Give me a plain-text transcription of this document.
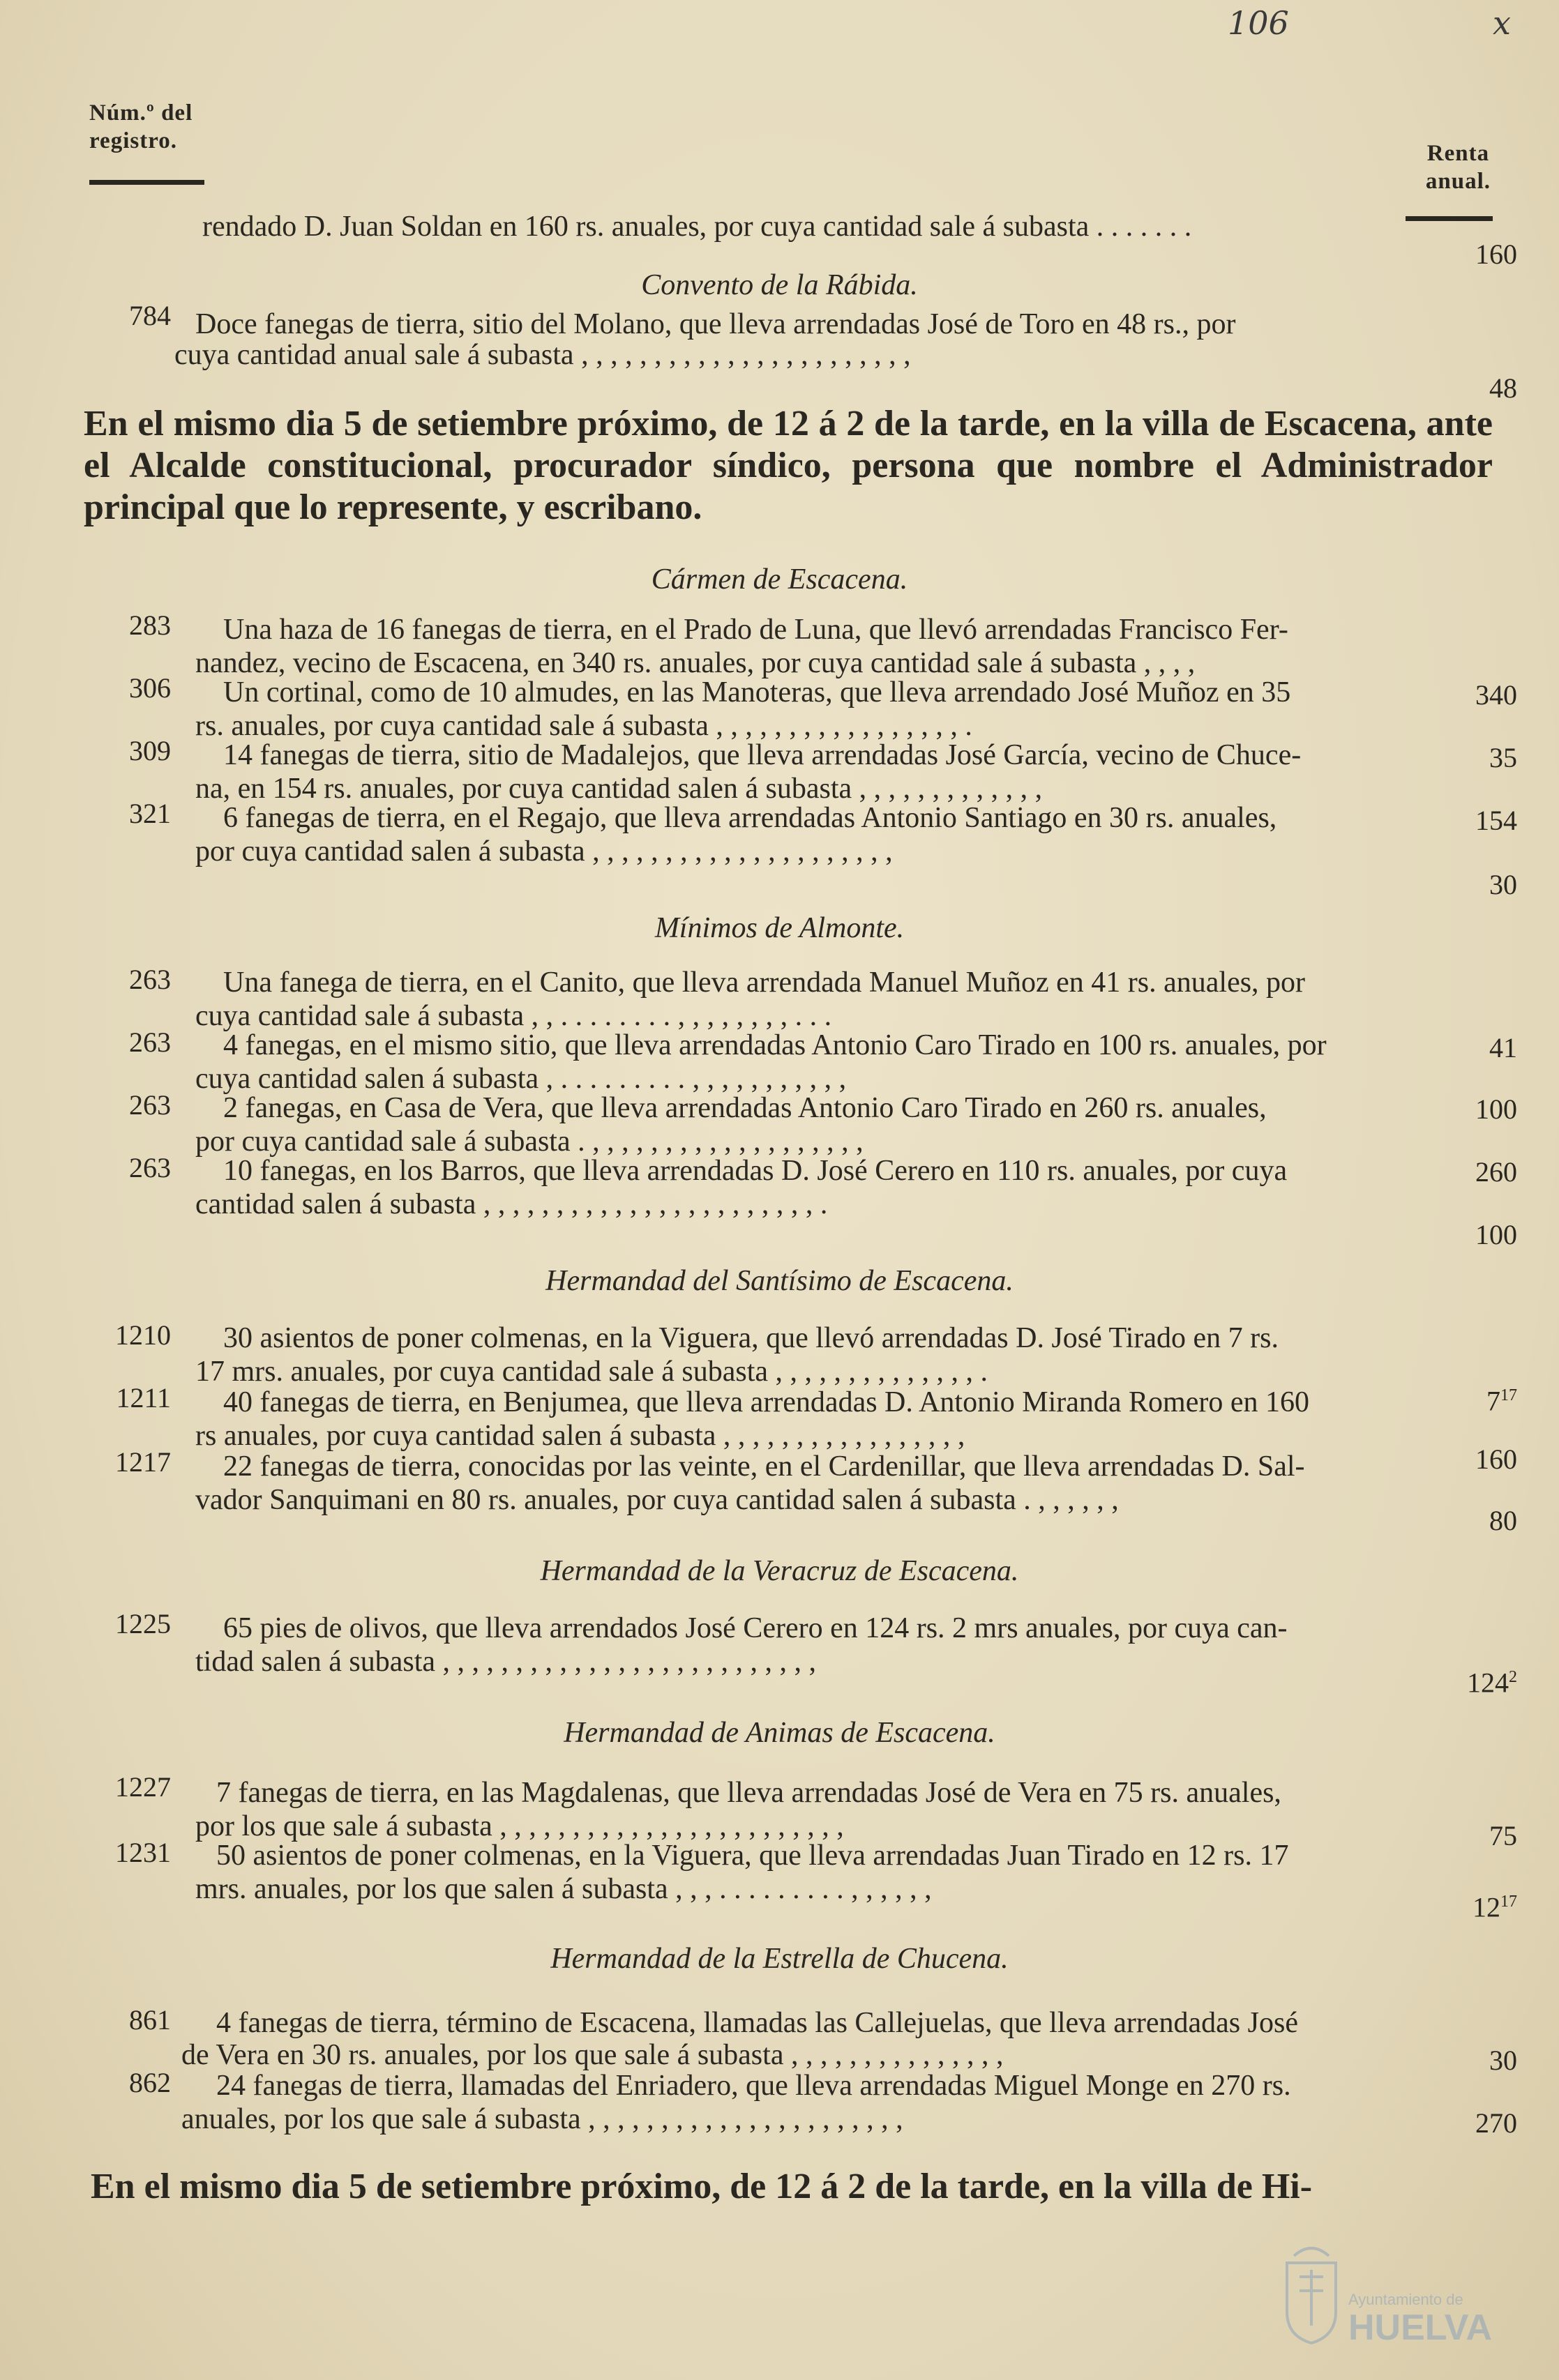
106	x
Núm.º del
registro.	Renta
anual.
rendado D. Juan Soldan en 160 rs. anuales, por cuya cantidad sale á subasta . . . . . . .
160
Convento de la Rábida.
784 Doce fanegas de tierra, sitio del Molano, que lleva arrendadas José de Toro en 48 rs., por
cuya cantidad anual sale á subasta , , , , , , , , , , , , , , , , , , , , , , ,
48
En el mismo dia 5 de setiembre próximo, de 12 á 2 de la tarde, en la villa de Escacena, ante el Alcalde constitucional, procurador síndico, persona que nombre el Administrador principal que lo represente, y escribano.
Cármen de Escacena.
283 Una haza de 16 fanegas de tierra, en el Prado de Luna, que llevó arrendadas Francisco Fer-
nandez, vecino de Escacena, en 340 rs. anuales, por cuya cantidad sale á subasta , , , ,
340
306 Un cortinal, como de 10 almudes, en las Manoteras, que lleva arrendado José Muñoz en 35
rs. anuales, por cuya cantidad sale á subasta , , , , , , , , , , , , , , , , , .
35
309 14 fanegas de tierra, sitio de Madalejos, que lleva arrendadas José García, vecino de Chuce-
na, en 154 rs. anuales, por cuya cantidad salen á subasta , , , , , , , , , , , , ,
154
321 6 fanegas de tierra, en el Regajo, que lleva arrendadas Antonio Santiago en 30 rs. anuales,
por cuya cantidad salen á subasta , , , , , , , , , , , , , , , , , , , , ,
30
Mínimos de Almonte.
263 Una fanega de tierra, en el Canito, que lleva arrendada Manuel Muñoz en 41 rs. anuales, por
cuya cantidad sale á subasta , , . . . . . . . . , , , , , , , , . . .
41
263 4 fanegas, en el mismo sitio, que lleva arrendadas Antonio Caro Tirado en 100 rs. anuales, por
cuya cantidad salen á subasta , . . . . . . . . . , , , , , , , , , , ,
100
263 2 fanegas, en Casa de Vera, que lleva arrendadas Antonio Caro Tirado en 260 rs. anuales,
por cuya cantidad sale á subasta . , , , , , , , , , , , , , , , , , , ,
260
263 10 fanegas, en los Barros, que lleva arrendadas D. José Cerero en 110 rs. anuales, por cuya
cantidad salen á subasta , , , , , , , , , , , , , , , , , , , , , , , .
100
Hermandad del Santísimo de Escacena.
1210 30 asientos de poner colmenas, en la Viguera, que llevó arrendadas D. José Tirado en 7 rs.
17 mrs. anuales, por cuya cantidad sale á subasta , , , , , , , , , , , , , , .
$7^{17}$
1211 40 fanegas de tierra, en Benjumea, que lleva arrendadas D. Antonio Miranda Romero en 160
rs anuales, por cuya cantidad salen á subasta , , , , , , , , , , , , , , , , ,
160
1217 22 fanegas de tierra, conocidas por las veinte, en el Cardenillar, que lleva arrendadas D. Sal-
vador Sanquimani en 80 rs. anuales, por cuya cantidad salen á subasta . , , , , , ,
80
Hermandad de la Veracruz de Escacena.
1225 65 pies de olivos, que lleva arrendados José Cerero en 124 rs. 2 mrs anuales, por cuya can-
tidad salen á subasta , , , , , , , , , , , , , , , , , , , , , , , , , ,
$124^2$
Hermandad de Animas de Escacena.
1227 7 fanegas de tierra, en las Magdalenas, que lleva arrendadas José de Vera en 75 rs. anuales,
por los que sale á subasta , , , , , , , , , , , , , , , , , , , , , , , ,	75
1231 50 asientos de poner colmenas, en la Viguera, que lleva arrendadas Juan Tirado en 12 rs. 17
mrs. anuales, por los que salen á subasta , , , . . . . . . . . . , , , , , ,
$12^{17}$
Hermandad de la Estrella de Chucena.
861 4 fanegas de tierra, término de Escacena, llamadas las Callejuelas, que lleva arrendadas José
de Vera en 30 rs. anuales, por los que sale á subasta , , , , , , , , , , , , , , ,	30
862 24 fanegas de tierra, llamadas del Enriadero, que lleva arrendadas Miguel Monge en 270 rs.
anuales, por los que sale á subasta , , , , , , , , , , , , , , , , , , , , , ,	270
En el mismo dia 5 de setiembre próximo, de 12 á 2 de la tarde, en la villa de Hi-
Ayuntamiento de
HUELVA
